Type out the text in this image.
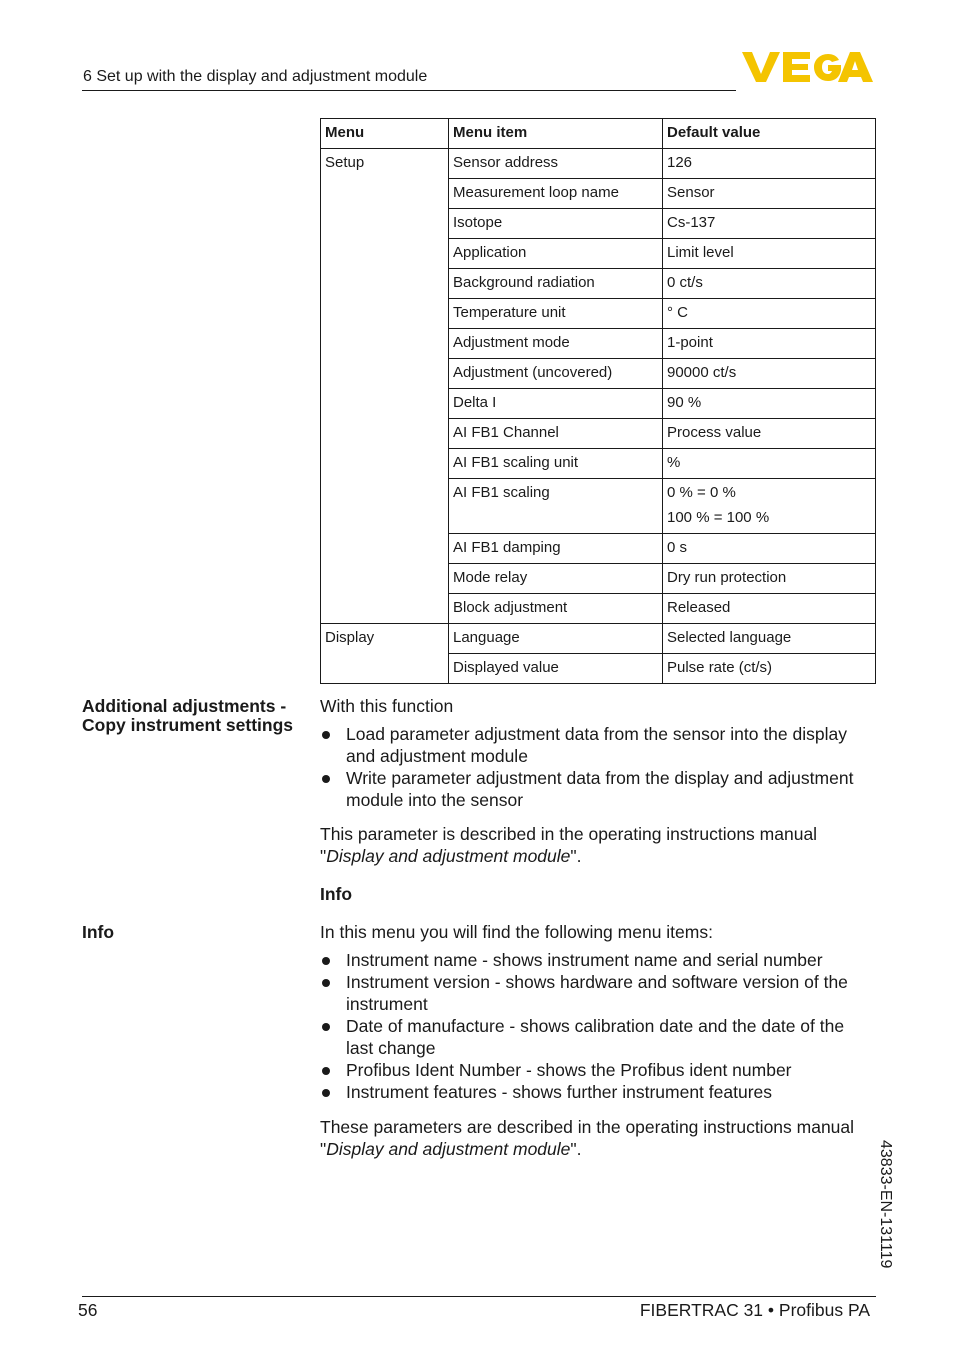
6 Set up with the display and adjustment module
Menu	Menu item	Default value
Setup	Sensor address	126
	Measurement loop name	Sensor
	Isotope	Cs-137
	Application	Limit level
	Background radiation	0 ct/s
	Temperature unit	° C
	Adjustment mode	1-point
	Adjustment (uncovered)	90000 ct/s
	Delta I	90 %
	AI FB1 Channel	Process value
	AI FB1 scaling unit	%
	AI FB1 scaling	0 % = 0 %
100 % = 100 %

	AI FB1 damping	0 s
	Mode relay	Dry run protection
	Block adjustment	Released
Display	Language	Selected language
	Displayed value	Pulse rate (ct/s)
Additional adjustments -
Copy instrument settings

With this function

Load parameter adjustment data from the sensor into the display and adjustment module
Write parameter adjustment data from the display and adjustment module into the sensor

This parameter is described in the operating instructions manual
"Display and adjustment module".

Info

Info	In this menu you will find the following menu items:

Instrument name - shows instrument name and serial number
Instrument version - shows hardware and software version of the instrument
Date of manufacture - shows calibration date and the date of the last change
Profibus Ident Number - shows the Profibus ident number
Instrument features - shows further instrument features

These parameters are described in the operating instructions manual
"Display and adjustment module".	43833-EN-131119
56	FIBERTRAC 31 • Profibus PA
